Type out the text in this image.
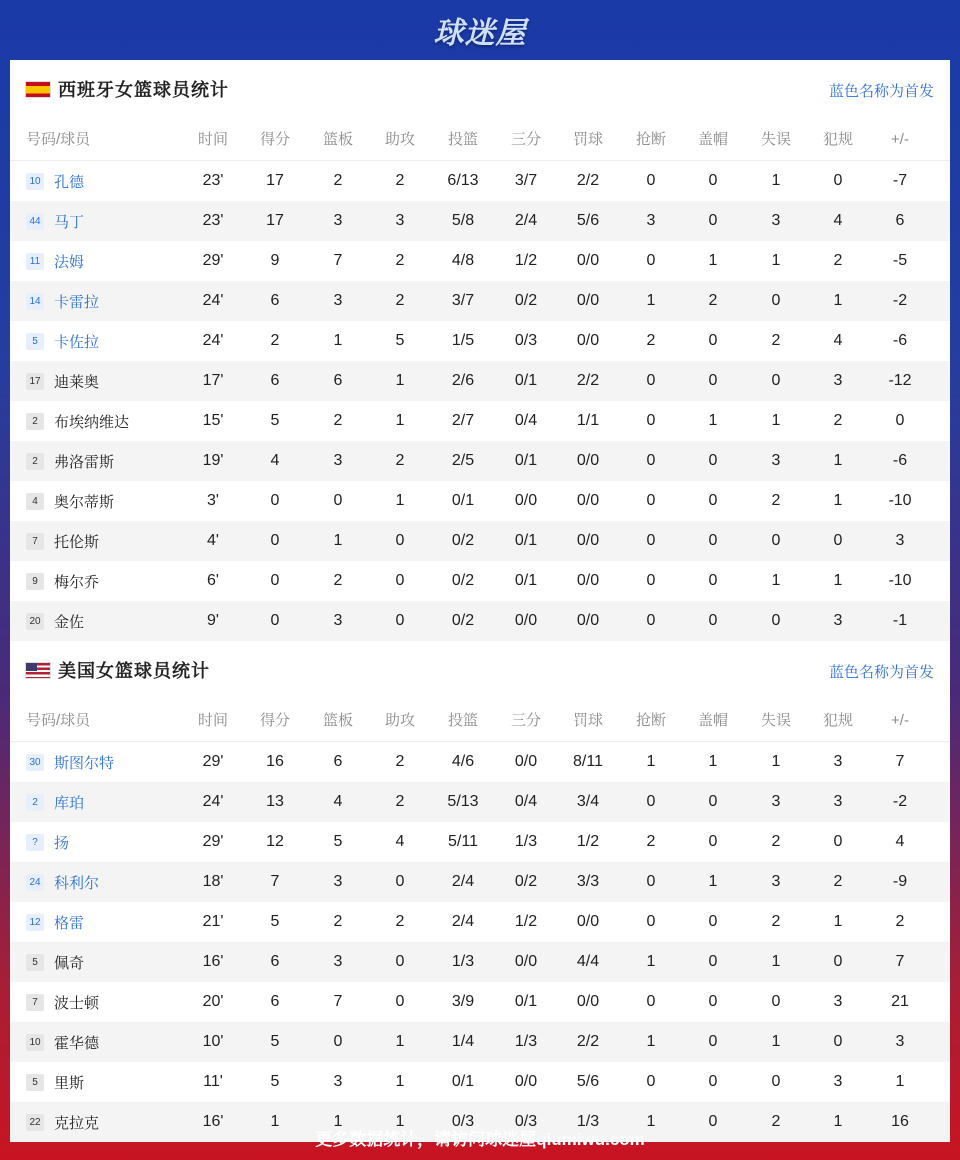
球迷屋
西班牙女篮球员统计	蓝色名称为首发
号码/球员	时间	得分	篮板	助攻	投篮	三分	罚球	抢断	盖帽	失误	犯规	+/-
10 孔德	23'	17	2	2	6/13	3/7	2/2	0	0	1	0	-7
44 马丁	23'	17	3	3	5/8	2/4	5/6	3	0	3	4	6
11 法姆	29'	9	7	2	4/8	1/2	0/0	0	1	1	2	-5
14 卡雷拉	24'	6	3	2	3/7	0/2	0/0	1	2	0	1	-2
5	卡佐拉	24'	2	1	5	1/5	0/3	0/0	2	0	2	4	-6
17 迪莱奥	17'	6	6	1	2/6	0/1	2/2	0	0	0	3	-12
2	布埃纳维达	15'	5	2	1	2/7	0/4	1/1	0	1	1	2	0
2	弗洛雷斯	19'	4	3	2	2/5	0/1	0/0	0	0	3	1	-6
4	奥尔蒂斯	3'	0	0	1	0/1	0/0	0/0	0	0	2	1	-10
7	托伦斯	4'	0	1	0	0/2	0/1	0/0	0	0	0	0	3
9	梅尔乔	6'	0	2	0	0/2	0/1	0/0	0	0	1	1	-10
20 金佐	9'	0	3	0	0/2	0/0	0/0	0	0	0	3	-1
美国女篮球员统计	蓝色名称为首发
号码/球员	时间	得分	篮板	助攻	投篮	三分	罚球	抢断	盖帽	失误	犯规	+/-
30 斯图尔特	29'	16	6	2	4/6	0/0	8/11	1	1	1	3	7
2	库珀	24'	13	4	2	5/13	0/4	3/4	0	0	3	3	-2
?	扬	29'	12	5	4	5/11	1/3	1/2	2	0	2	0	4
24 科利尔	18'	7	3	0	2/4	0/2	3/3	0	1	3	2	-9
12 格雷	21'	5	2	2	2/4	1/2	0/0	0	0	2	1	2
5	佩奇	16'	6	3	0	1/3	0/0	4/4	1	0	1	0	7
7	波士顿	20'	6	7	0	3/9	0/1	0/0	0	0	0	3	21
10 霍华德	10'	5	0	1	1/4	1/3	2/2	1	0	1	0	3
5	里斯	11'	5	3	1	0/1	0/0	5/6	0	0	0	3	1
22 克拉克	16'	1	1	1	0/3	0/3	1/3	1	0	2	1	16
更多数据统计，请访问球迷屋qiumiwu.com
